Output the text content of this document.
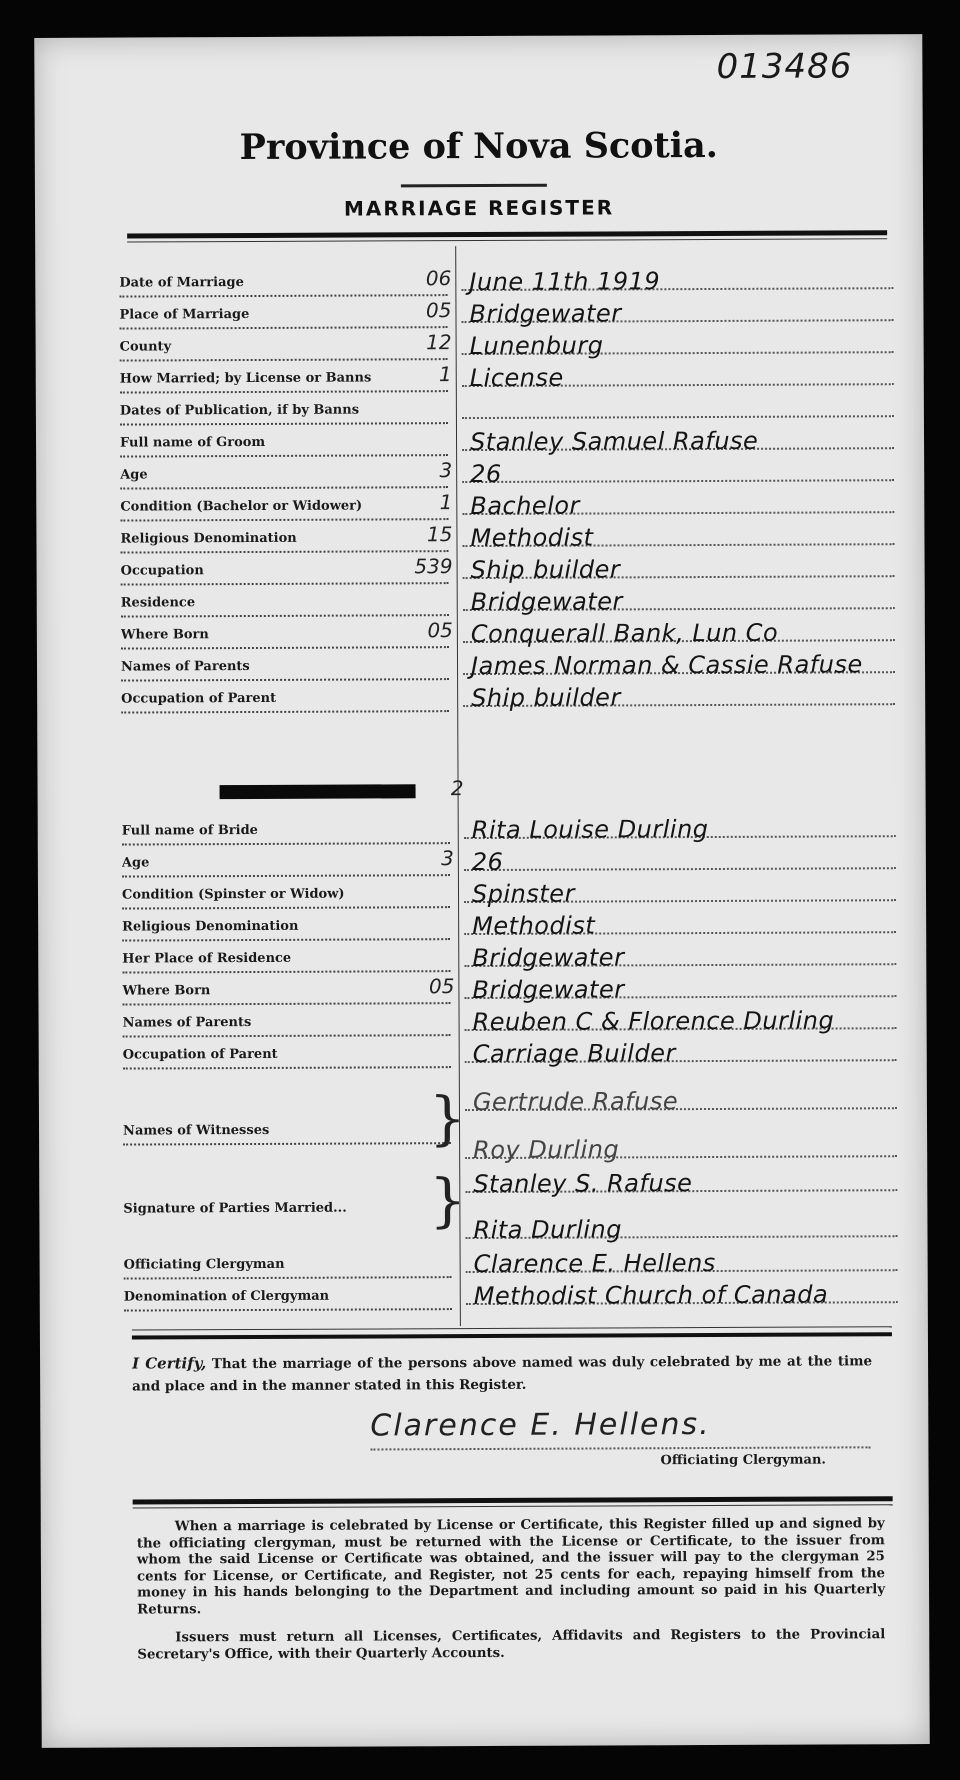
013486
Province of Nova Scotia.
MARRIAGE REGISTER
Date of Marriage	06 June 11th 1919
Place of Marriage	05 Bridgewater
County	12 Lunenburg
How Married; by License or Banns	1 License
Dates of Publication, if by Banns
Full name of Groom	Stanley Samuel Rafuse
Age	3 26
Condition (Bachelor or Widower)	1 Bachelor
Religious Denomination	15 Methodist
Occupation	539 Ship builder
Residence	Bridgewater
Where Born	05 Conquerall Bank, Lun Co
Names of Parents	James Norman & Cassie Rafuse
Occupation of Parent	Ship builder
Full name of Bride	Rita Louise Durling
Age	3 26
Condition (Spinster or Widow)	Spinster
Religious Denomination	Methodist
Her Place of Residence	Bridgewater
Where Born	05 Bridgewater
Names of Parents	Reuben C & Florence Durling
Occupation of Parent	Carriage Builder
2
Names of Witnesses	} Gertrude Rafuse
Roy Durling
Signature of Parties Married...	} Stanley S. Rafuse
Rita Durling
Officiating Clergyman	Clarence E. Hellens
Denomination of Clergyman	Methodist Church of Canada
I Certify, That the marriage of the persons above named was duly celebrated by me at the time and place and in the manner stated in this Register.
Clarence E. Hellens.
Officiating Clergyman.

When a marriage is celebrated by License or Certificate, this Register filled up and signed by the officiating clergyman, must be returned with the License or Certificate, to the issuer from whom the said License or Certificate was obtained, and the issuer will pay to the clergyman 25 cents for License, or Certificate, and Register, not 25 cents for each, repaying himself from the money in his hands belonging to the Department and including amount so paid in his Quarterly Returns.

Issuers must return all Licenses, Certificates, Affidavits and Registers to the Provincial Secretary's Office, with their Quarterly Accounts.
